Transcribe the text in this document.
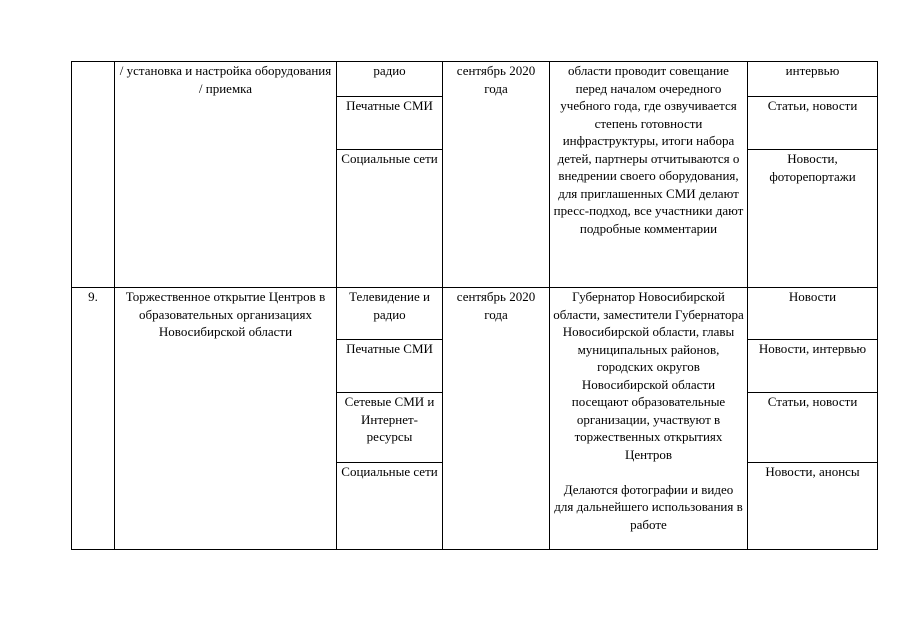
	/ установка и настройка оборудования / приемка	радио	сентябрь 2020 года	области проводит совещание перед началом очередного учебного года, где озвучивается степень готовности инфраструктуры, итоги набора детей, партнеры отчитываются о внедрении своего оборудования, для приглашенных СМИ делают пресс-подход, все участники дают подробные комментарии	интервью
		Печатные СМИ			Статьи, новости
		Социальные сети			Новости, фоторепортажи
9.	Торжественное открытие Центров в образовательных организациях Новосибирской области	Телевидение и радио	сентябрь 2020 года	Губернатор Новосибирской области, заместители Губернатора Новосибирской области, главы муниципальных районов, городских округов Новосибирской области посещают образовательные организации, участвуют в торжественных открытиях Центров

Делаются фотографии и видео для дальнейшего использования в работе	Новости
		Печатные СМИ			Новости, интервью
		Сетевые СМИ и Интернет-ресурсы			Статьи, новости
		Социальные сети			Новости, анонсы
